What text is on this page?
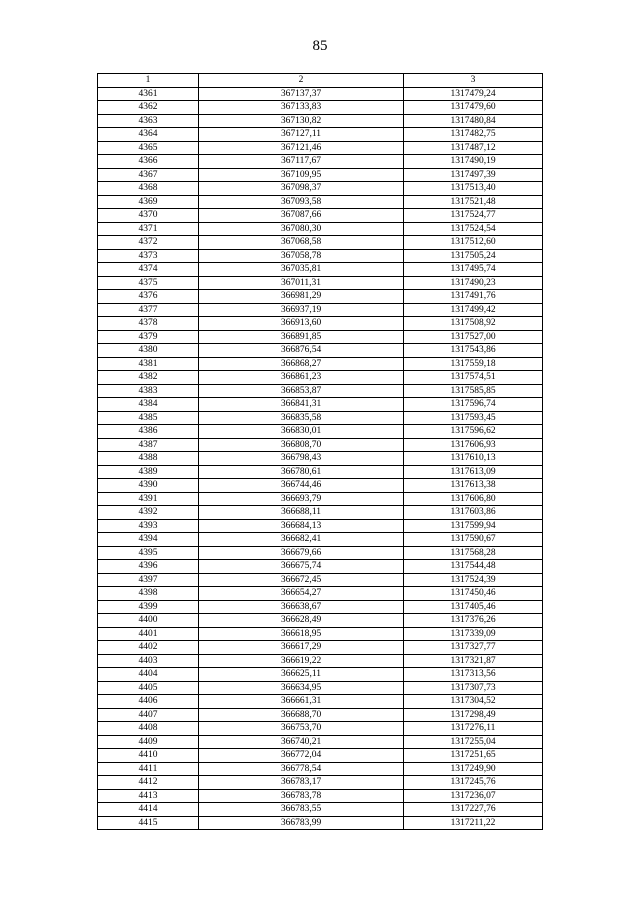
85
1	2	3
4361	367137,37	1317479,24
4362	367133,83	1317479,60
4363	367130,82	1317480,84
4364	367127,11	1317482,75
4365	367121,46	1317487,12
4366	367117,67	1317490,19
4367	367109,95	1317497,39
4368	367098,37	1317513,40
4369	367093,58	1317521,48
4370	367087,66	1317524,77
4371	367080,30	1317524,54
4372	367068,58	1317512,60
4373	367058,78	1317505,24
4374	367035,81	1317495,74
4375	367011,31	1317490,23
4376	366981,29	1317491,76
4377	366937,19	1317499,42
4378	366913,60	1317508,92
4379	366891,85	1317527,00
4380	366876,54	1317543,86
4381	366868,27	1317559,18
4382	366861,23	1317574,51
4383	366853,87	1317585,85
4384	366841,31	1317596,74
4385	366835,58	1317593,45
4386	366830,01	1317596,62
4387	366808,70	1317606,93
4388	366798,43	1317610,13
4389	366780,61	1317613,09
4390	366744,46	1317613,38
4391	366693,79	1317606,80
4392	366688,11	1317603,86
4393	366684,13	1317599,94
4394	366682,41	1317590,67
4395	366679,66	1317568,28
4396	366675,74	1317544,48
4397	366672,45	1317524,39
4398	366654,27	1317450,46
4399	366638,67	1317405,46
4400	366628,49	1317376,26
4401	366618,95	1317339,09
4402	366617,29	1317327,77
4403	366619,22	1317321,87
4404	366625,11	1317313,56
4405	366634,95	1317307,73
4406	366661,31	1317304,52
4407	366688,70	1317298,49
4408	366753,70	1317276,11
4409	366740,21	1317255,04
4410	366772,04	1317251,65
4411	366778,54	1317249,90
4412	366783,17	1317245,76
4413	366783,78	1317236,07
4414	366783,55	1317227,76
4415	366783,99	1317211,22
